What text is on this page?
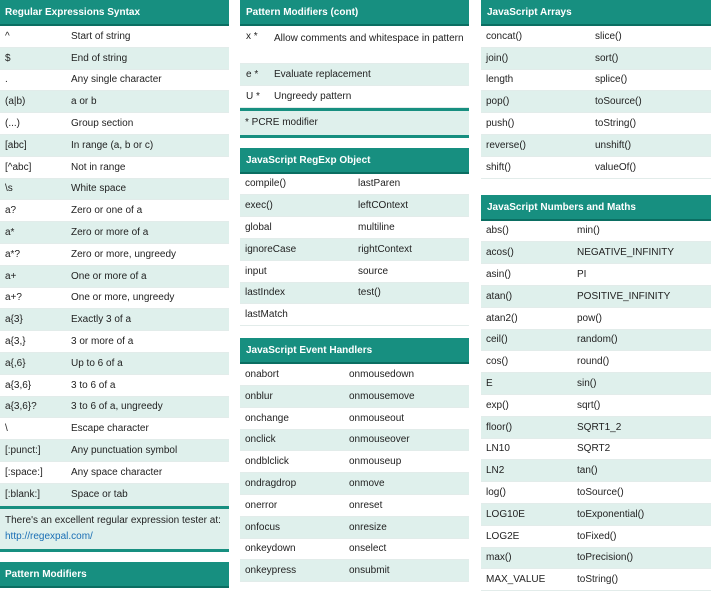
Regular Expressions Syntax
^	Start of string
$	End of string
.	Any single character
(a|b)	a or b
(...)	Group section
[abc]	In range (a, b or c)
[^abc]	Not in range
\s	White space
a?	Zero or one of a
a*	Zero or more of a
a*?	Zero or more, ungreedy
a+	One or more of a
a+?	One or more, ungreedy
a{3}	Exactly 3 of a
a{3,}	3 or more of a
a{,6}	Up to 6 of a
a{3,6}	3 to 6 of a
a{3,6}?	3 to 6 of a, ungreedy
\	Escape character
[:punct:]	Any punctuation symbol
[:space:]	Any space character
[:blank:]	Space or tab
There's an excellent regular expression tester at: http://regexpal.com/
Pattern Modifiers
Pattern Modifiers (cont)
x *	Allow comments and whitespace in pattern
e *	Evaluate replacement
U *	Ungreedy pattern
* PCRE modifier
JavaScript RegExp Object
compile()	lastParen
exec()	leftCOntext
global	multiline
ignoreCase	rightContext
input	source
lastIndex	test()
lastMatch
JavaScript Event Handlers
onabort	onmousedown
onblur	onmousemove
onchange	onmouseout
onclick	onmouseover
ondblclick	onmouseup
ondragdrop	onmove
onerror	onreset
onfocus	onresize
onkeydown	onselect
onkeypress	onsubmit
JavaScript Arrays
concat()	slice()
join()	sort()
length	splice()
pop()	toSource()
push()	toString()
reverse()	unshift()
shift()	valueOf()
JavaScript Numbers and Maths
abs()	min()
acos()	NEGATIVE_INFINITY
asin()	PI
atan()	POSITIVE_INFINITY
atan2()	pow()
ceil()	random()
cos()	round()
E	sin()
exp()	sqrt()
floor()	SQRT1_2
LN10	SQRT2
LN2	tan()
log()	toSource()
LOG10E	toExponential()
LOG2E	toFixed()
max()	toPrecision()
MAX_VALUE	toString()
